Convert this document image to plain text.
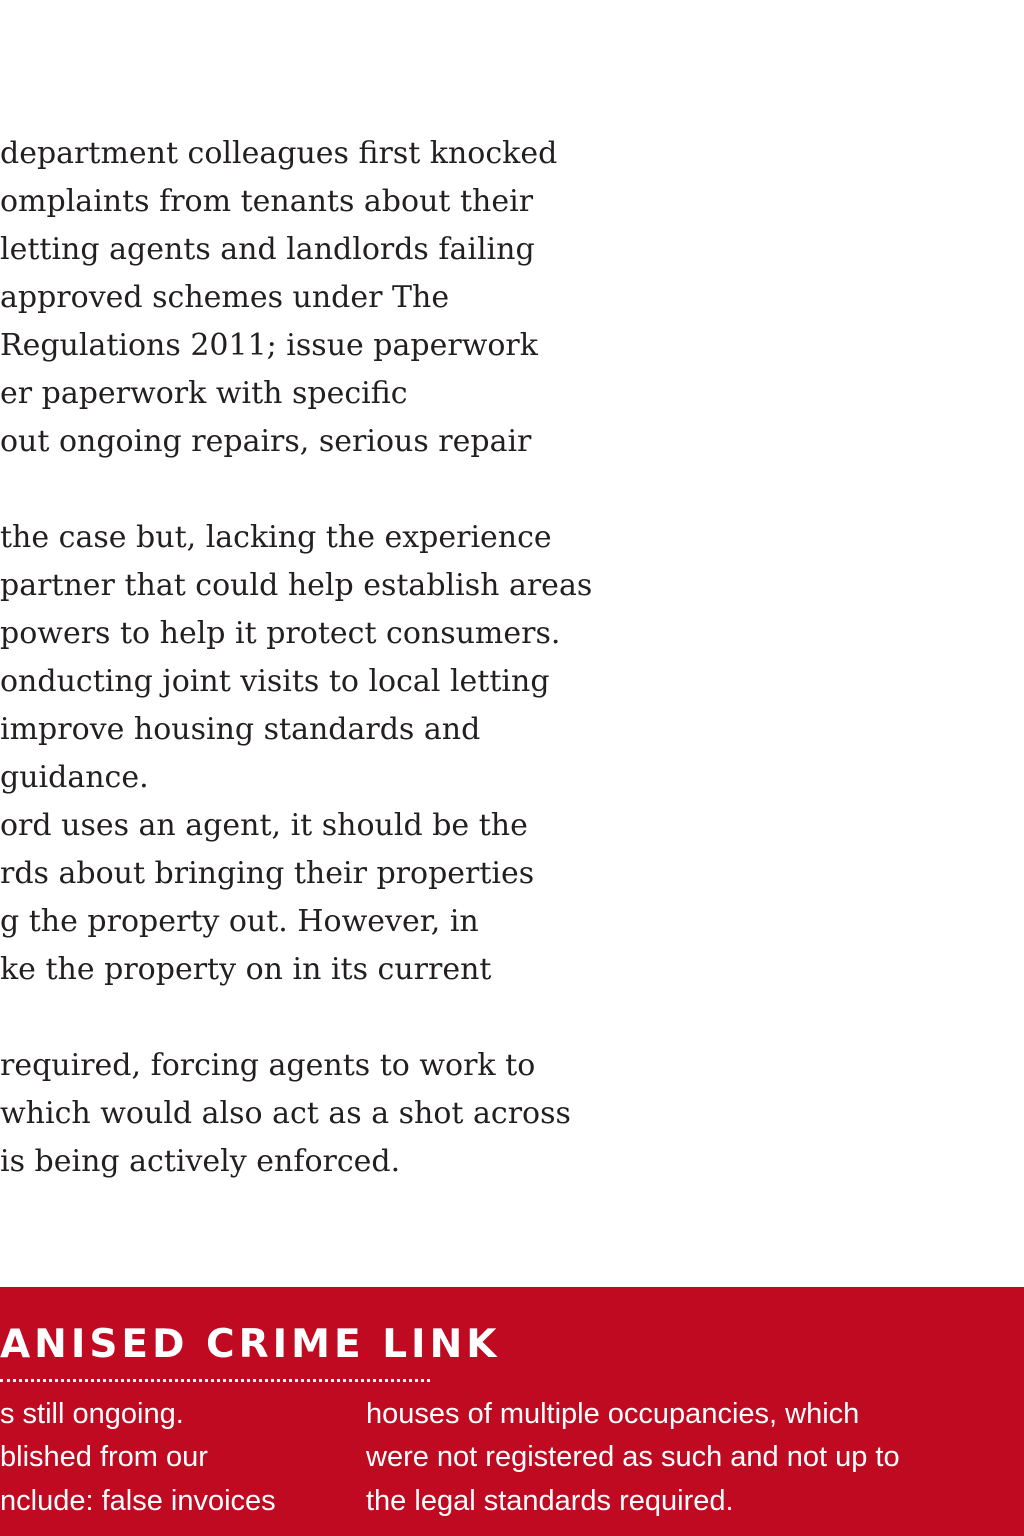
department colleagues first knocked
omplaints from tenants about their
letting agents and landlords failing
approved schemes under The
Regulations 2011; issue paperwork
er paperwork with specific
out ongoing repairs, serious repair
the case but, lacking the experience
partner that could help establish areas
powers to help it protect consumers.
onducting joint visits to local letting
improve housing standards and
guidance.
ord uses an agent, it should be the
rds about bringing their properties
g the property out. However, in
ke the property on in its current
required, forcing agents to work to
which would also act as a shot across
is being actively enforced.
ANISED CRIME LINK
s still ongoing.
blished from our
nclude: false invoices
houses of multiple occupancies, which
were not registered as such and not up to
the legal standards required.
